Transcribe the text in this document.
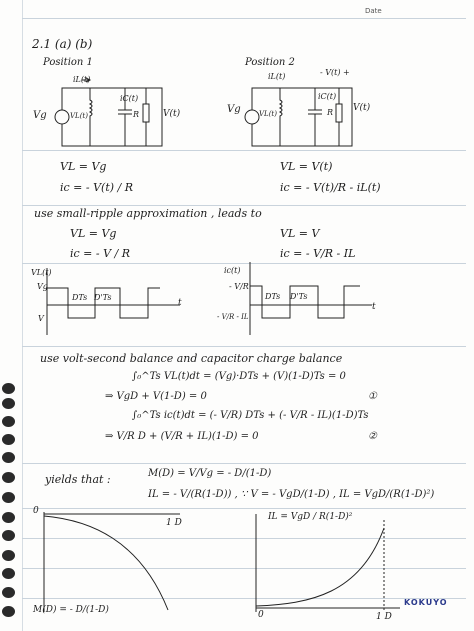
Date
2.1 (a) (b)
Position 1
Vg
iL(t)
VL(t)
iC(t)
R	V(t)
Position 2
- V(t) +
Vg
iL(t)
VL(t)
iC(t)
R V(t)
VL = Vg
ic = - V(t) / R
VL = V(t)
ic = - V(t)/R - iL(t)
use small-ripple approximation , leads to
VL = Vg
ic = - V / R
VL = V
ic = - V/R - IL
VL(t)
Vg
V
DTs D'Ts
t
ic(t)
- V/R
- V/R - IL
DTs D'Ts
t
use volt-second balance and capacitor charge balance
∫₀^Ts VL(t)dt = (Vg)·DTs + (V)(1-D)Ts = 0
⇒ VgD + V(1-D) = 0	①
∫₀^Ts ic(t)dt = (- V/R) DTs + (- V/R - IL)(1-D)Ts
⇒ V/R D + (V/R + IL)(1-D) = 0	②
yields that :	M(D) = V/Vg = - D/(1-D)
IL = - V/(R(1-D)) , ∵ V = - VgD/(1-D) , IL = VgD/(R(1-D)²)
0
1 D
M(D) = - D/(1-D)
IL = VgD / R(1-D)²
0	1 D
KOKUYO
